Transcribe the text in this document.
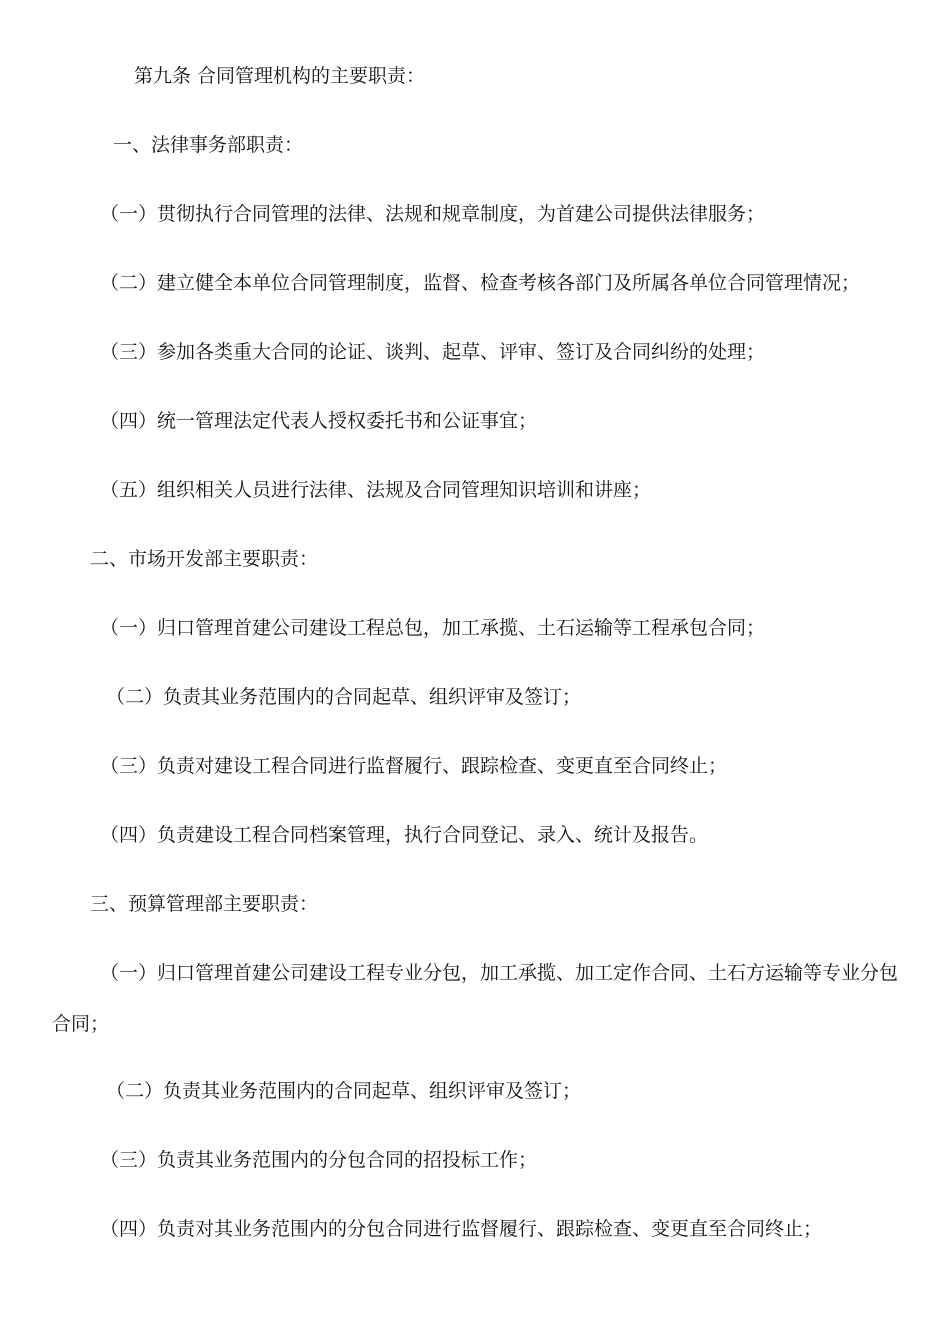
第九条 合同管理机构的主要职责：
一、法律事务部职责：
（一）贯彻执行合同管理的法律、法规和规章制度，为首建公司提供法律服务；
（二）建立健全本单位合同管理制度，监督、检查考核各部门及所属各单位合同管理情况；
（三）参加各类重大合同的论证、谈判、起草、评审、签订及合同纠纷的处理；
（四）统一管理法定代表人授权委托书和公证事宜；
（五）组织相关人员进行法律、法规及合同管理知识培训和讲座；
二、市场开发部主要职责：
（一）归口管理首建公司建设工程总包，加工承揽、土石运输等工程承包合同；
（二）负责其业务范围内的合同起草、组织评审及签订；
（三）负责对建设工程合同进行监督履行、跟踪检查、变更直至合同终止；
（四）负责建设工程合同档案管理，执行合同登记、录入、统计及报告。
三、预算管理部主要职责：
（一）归口管理首建公司建设工程专业分包，加工承揽、加工定作合同、土石方运输等专业分包
合同；
（二）负责其业务范围内的合同起草、组织评审及签订；
（三）负责其业务范围内的分包合同的招投标工作；
（四）负责对其业务范围内的分包合同进行监督履行、跟踪检查、变更直至合同终止；
